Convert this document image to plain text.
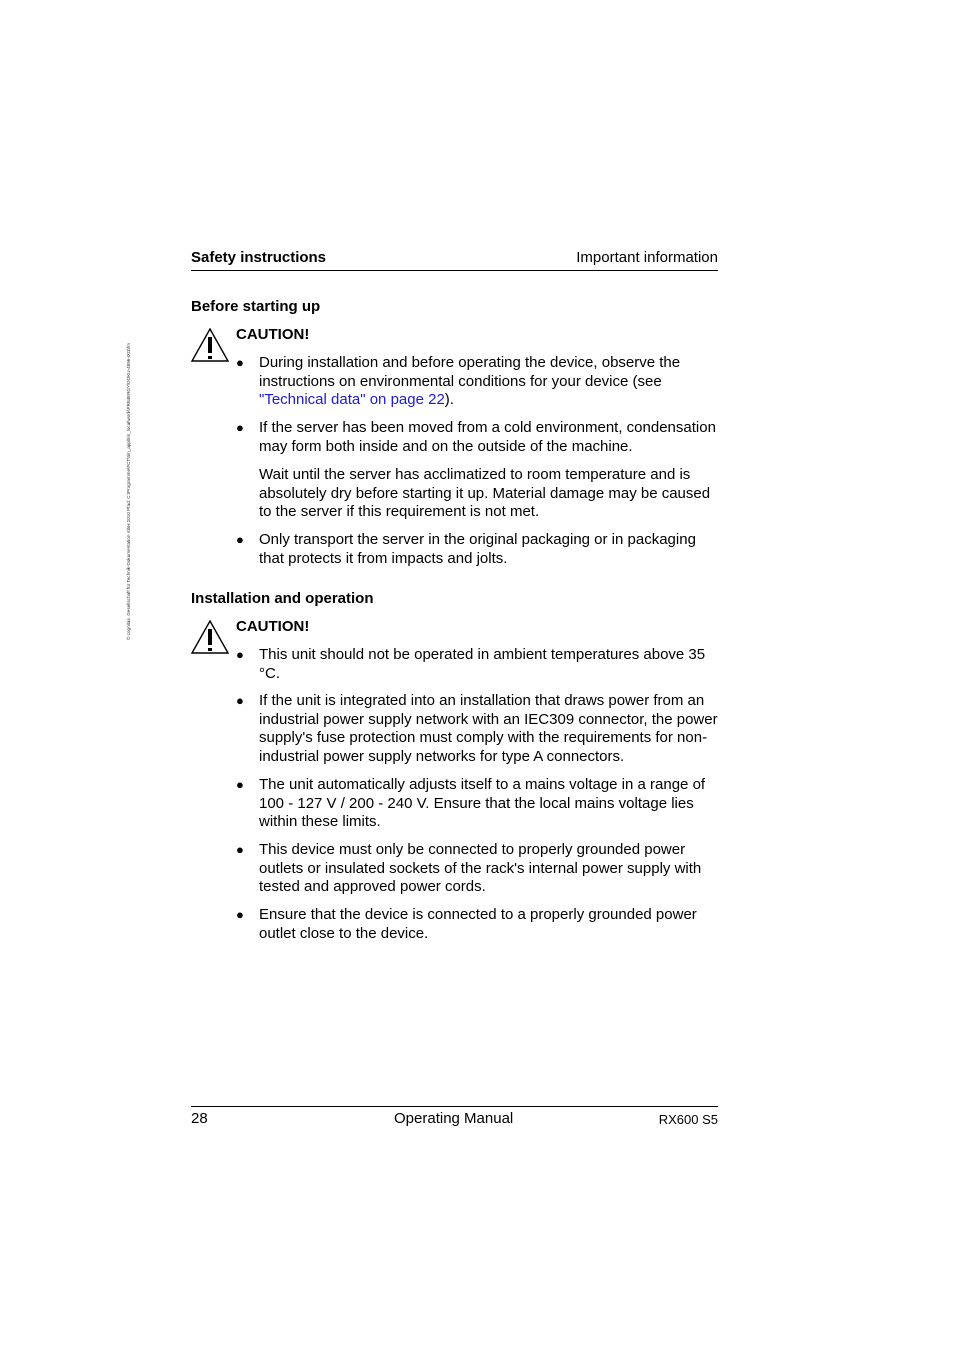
© cognitas. Gesellschaft für Technik-Dokumentation mbH 2010 Pfad: C:\Programme\FCT\tim_app\tim_local\work\PRIMERGY\DOKU-4896-003\fm
Safety instructions	Important information
Before starting up
CAUTION!
● During installation and before operating the device, observe the instructions on environmental conditions for your device (see "Technical data" on page 22).
● If the server has been moved from a cold environment, condensation may form both inside and on the outside of the machine.
Wait until the server has acclimatized to room temperature and is absolutely dry before starting it up. Material damage may be caused to the server if this requirement is not met.
● Only transport the server in the original packaging or in packaging that protects it from impacts and jolts.
Installation and operation
CAUTION!
● This unit should not be operated in ambient temperatures above 35 °C.
● If the unit is integrated into an installation that draws power from an industrial power supply network with an IEC309 connector, the power supply's fuse protection must comply with the requirements for non-industrial power supply networks for type A connectors.
● The unit automatically adjusts itself to a mains voltage in a range of 100 - 127 V / 200 - 240 V. Ensure that the local mains voltage lies within these limits.
● This device must only be connected to properly grounded power outlets or insulated sockets of the rack's internal power supply with tested and approved power cords.
● Ensure that the device is connected to a properly grounded power outlet close to the device.
28	Operating Manual	RX600 S5
